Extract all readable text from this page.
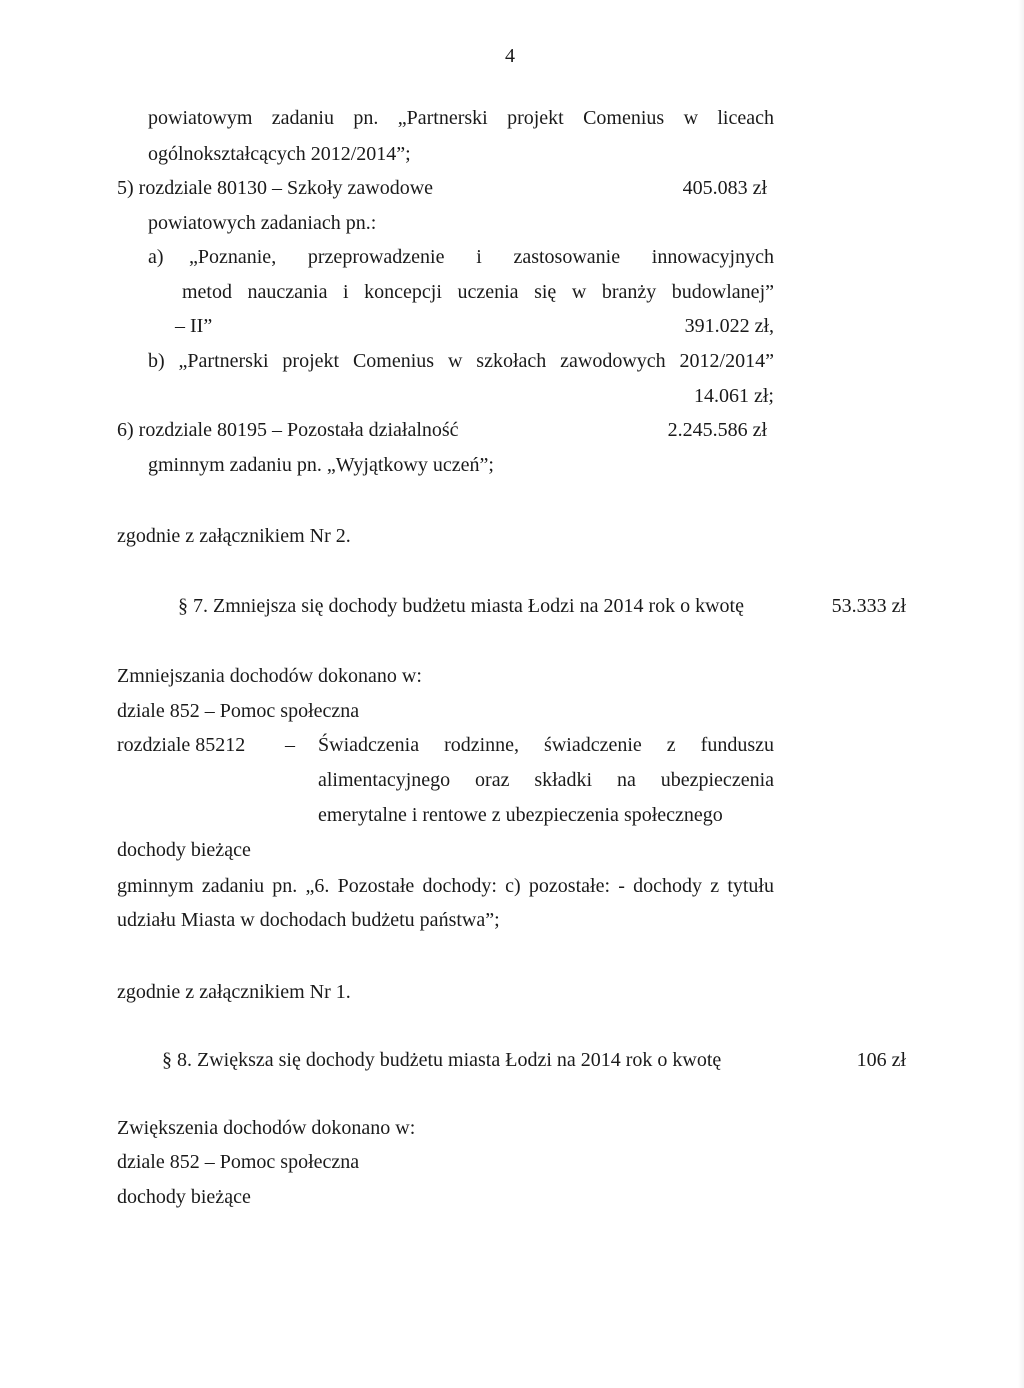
4
powiatowym zadaniu pn. „Partnerski projekt Comenius w liceach
ogólnokształcących 2012/2014”;
5) rozdziale 80130 – Szkoły zawodowe	405.083 zł
powiatowych zadaniach pn.:
a) „Poznanie, przeprowadzenie i zastosowanie innowacyjnych
metod nauczania i koncepcji uczenia się w branży budowlanej”
– II”	391.022 zł,
b) „Partnerski projekt Comenius w szkołach zawodowych 2012/2014”
14.061 zł;
6) rozdziale 80195 – Pozostała działalność	2.245.586 zł
gminnym zadaniu pn. „Wyjątkowy uczeń”;
zgodnie z załącznikiem Nr 2.
§ 7. Zmniejsza się dochody budżetu miasta Łodzi na 2014 rok o kwotę	53.333 zł
Zmniejszania dochodów dokonano w:
dziale 852 – Pomoc społeczna
rozdziale 85212 – Świadczenia rodzinne, świadczenie z funduszu
alimentacyjnego oraz składki na ubezpieczenia
emerytalne i rentowe z ubezpieczenia społecznego
dochody bieżące
gminnym zadaniu pn. „6. Pozostałe dochody: c) pozostałe: - dochody z tytułu
udziału Miasta w dochodach budżetu państwa”;
zgodnie z załącznikiem Nr 1.
§ 8. Zwiększa się dochody budżetu miasta Łodzi na 2014 rok o kwotę	106 zł
Zwiększenia dochodów dokonano w:
dziale 852 – Pomoc społeczna
dochody bieżące
